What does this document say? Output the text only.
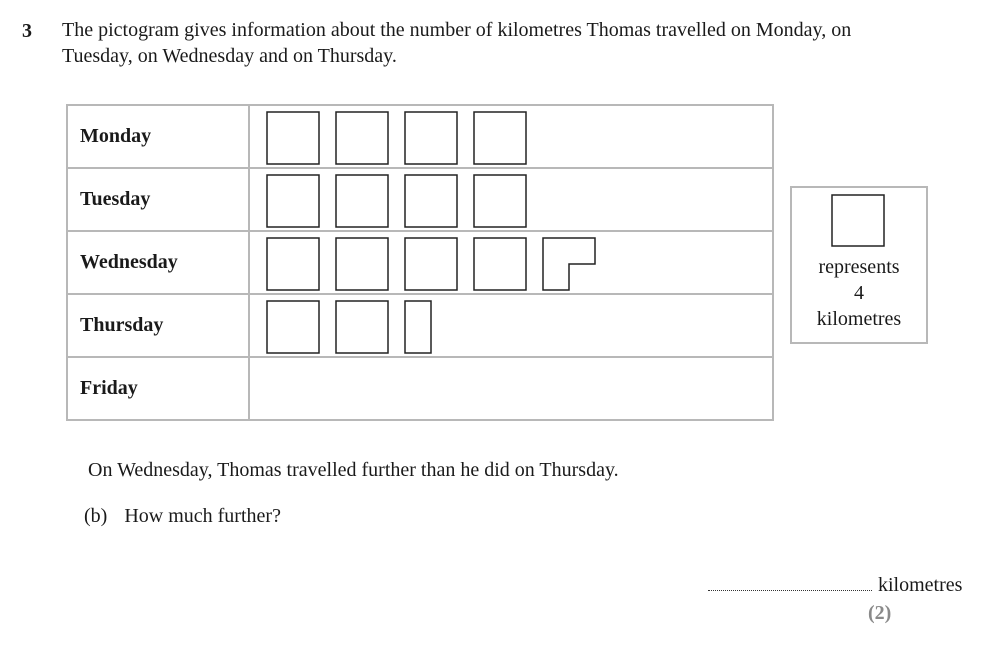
3 The pictogram gives information about the number of kilometres Thomas travelled on Monday, on Tuesday, on Wednesday and on Thursday.
Monday	

Tuesday	

Wednesday	

Thursday	

Friday	
represents
4
kilometres
On Wednesday, Thomas travelled further than he did on Thursday.
(b) How much further?
kilometres
(2)
